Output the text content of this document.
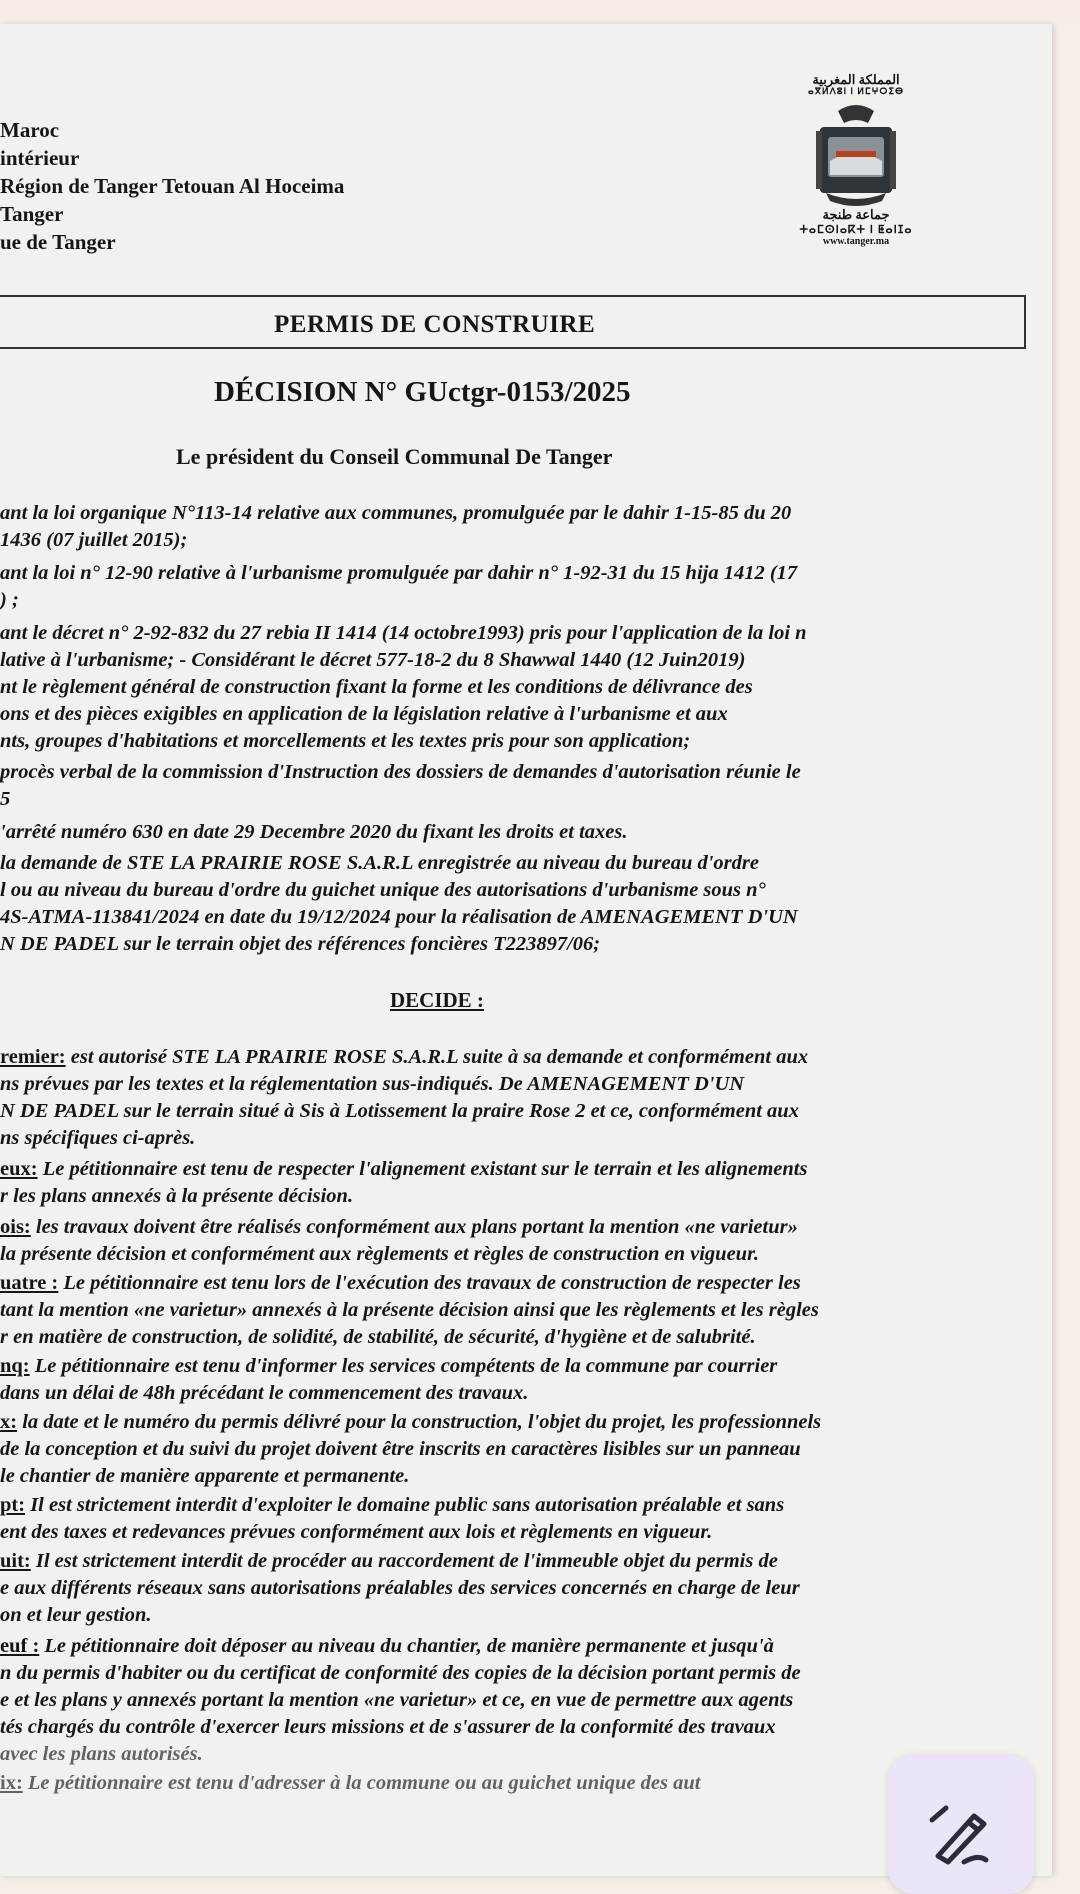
Maroc
intérieur
Région de Tanger Tetouan Al Hoceima
Tanger
ue de Tanger
المملكة المغربية
ⴰⴳⵍⴷⵓⵏ ⵏ ⵍⵎⵖⵔⵉⴱ
جماعة طنجة
ⵜⴰⵎⵙⵏⴰⴽⵜ ⵏ ⵟⴰⵏⵊⴰ
www.tanger.ma
PERMIS DE CONSTRUIRE
DÉCISION N° GUctgr-0153/2025
Le président du Conseil Communal De Tanger
ant la loi organique N°113-14 relative aux communes, promulguée par le dahir 1-15-85 du 20
1436 (07 juillet 2015);
ant la loi n° 12-90 relative à l'urbanisme promulguée par dahir n° 1-92-31 du 15 hija 1412 (17
) ;
ant le décret n° 2-92-832 du 27 rebia II 1414 (14 octobre1993) pris pour l'application de la loi n
lative à l'urbanisme; - Considérant le décret 577-18-2 du 8 Shawwal 1440 (12 Juin2019)
nt le règlement général de construction fixant la forme et les conditions de délivrance des
ons et des pièces exigibles en application de la législation relative à l'urbanisme et aux
nts, groupes d'habitations et morcellements et les textes pris pour son application;
procès verbal de la commission d'Instruction des dossiers de demandes d'autorisation réunie le
5
'arrêté numéro 630 en date 29 Decembre 2020 du fixant les droits et taxes.
la demande de STE LA PRAIRIE ROSE S.A.R.L enregistrée au niveau du bureau d'ordre
l ou au niveau du bureau d'ordre du guichet unique des autorisations d'urbanisme sous n°
4S-ATMA-113841/2024 en date du 19/12/2024 pour la réalisation de AMENAGEMENT D'UN
N DE PADEL sur le terrain objet des références foncières T223897/06;
DECIDE :
remier: est autorisé STE LA PRAIRIE ROSE S.A.R.L suite à sa demande et conformément aux
ns prévues par les textes et la réglementation sus-indiqués. De AMENAGEMENT D'UN
N DE PADEL sur le terrain situé à Sis à Lotissement la praire Rose 2 et ce, conformément aux
ns spécifiques ci-après.
eux: Le pétitionnaire est tenu de respecter l'alignement existant sur le terrain et les alignements
r les plans annexés à la présente décision.
ois: les travaux doivent être réalisés conformément aux plans portant la mention «ne varietur»
la présente décision et conformément aux règlements et règles de construction en vigueur.
uatre : Le pétitionnaire est tenu lors de l'exécution des travaux de construction de respecter les
tant la mention «ne varietur» annexés à la présente décision ainsi que les règlements et les règles
r en matière de construction, de solidité, de stabilité, de sécurité, d'hygiène et de salubrité.
nq: Le pétitionnaire est tenu d'informer les services compétents de la commune par courrier
dans un délai de 48h précédant le commencement des travaux.
x: la date et le numéro du permis délivré pour la construction, l'objet du projet, les professionnels
de la conception et du suivi du projet doivent être inscrits en caractères lisibles sur un panneau
le chantier de manière apparente et permanente.
pt: Il est strictement interdit d'exploiter le domaine public sans autorisation préalable et sans
ent des taxes et redevances prévues conformément aux lois et règlements en vigueur.
uit: Il est strictement interdit de procéder au raccordement de l'immeuble objet du permis de
e aux différents réseaux sans autorisations préalables des services concernés en charge de leur
on et leur gestion.
euf : Le pétitionnaire doit déposer au niveau du chantier, de manière permanente et jusqu'à
n du permis d'habiter ou du certificat de conformité des copies de la décision portant permis de
e et les plans y annexés portant la mention «ne varietur» et ce, en vue de permettre aux agents
tés chargés du contrôle d'exercer leurs missions et de s'assurer de la conformité des travaux
avec les plans autorisés.
ix: Le pétitionnaire est tenu d'adresser à la commune ou au guichet unique des aut
